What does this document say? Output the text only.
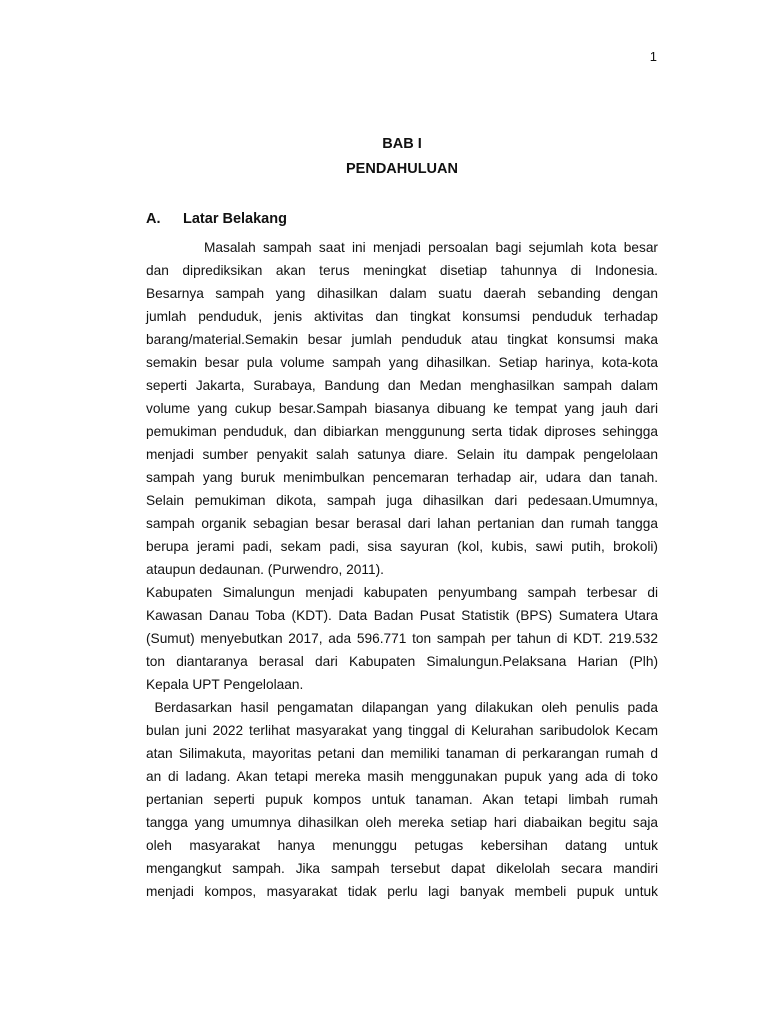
1
BAB I
PENDAHULUAN
A.	Latar Belakang
Masalah sampah saat ini menjadi persoalan bagi sejumlah kota besar
dan diprediksikan akan terus meningkat disetiap tahunnya di Indonesia.
Besarnya sampah yang dihasilkan dalam suatu daerah sebanding dengan
jumlah penduduk, jenis aktivitas dan tingkat konsumsi penduduk terhadap
barang/material.Semakin besar jumlah penduduk atau tingkat konsumsi maka
semakin besar pula volume sampah yang dihasilkan. Setiap harinya, kota-kota
seperti Jakarta, Surabaya, Bandung dan Medan menghasilkan sampah dalam
volume yang cukup besar.Sampah biasanya dibuang ke tempat yang jauh dari
pemukiman penduduk, dan dibiarkan menggunung serta tidak diproses sehingga
menjadi sumber penyakit salah satunya diare. Selain itu dampak pengelolaan
sampah yang buruk menimbulkan pencemaran terhadap air, udara dan tanah.
Selain pemukiman dikota, sampah juga dihasilkan dari pedesaan.Umumnya,
sampah organik sebagian besar berasal dari lahan pertanian dan rumah tangga
berupa jerami padi, sekam padi, sisa sayuran (kol, kubis, sawi putih, brokoli)
ataupun dedaunan. (Purwendro, 2011).
Kabupaten Simalungun menjadi kabupaten penyumbang sampah terbesar di
Kawasan Danau Toba (KDT). Data Badan Pusat Statistik (BPS) Sumatera Utara
(Sumut) menyebutkan 2017, ada 596.771 ton sampah per tahun di KDT. 219.532
ton diantaranya berasal dari Kabupaten Simalungun.Pelaksana Harian (Plh)
Kepala UPT Pengelolaan.
Berdasarkan hasil pengamatan dilapangan yang dilakukan oleh penulis pada
bulan juni 2022 terlihat masyarakat yang tinggal di Kelurahan saribudolok Kecam
atan Silimakuta, mayoritas petani dan memiliki tanaman di perkarangan rumah d
an di ladang. Akan tetapi mereka masih menggunakan pupuk yang ada di toko
pertanian seperti pupuk kompos untuk tanaman. Akan tetapi limbah rumah
tangga yang umumnya dihasilkan oleh mereka setiap hari diabaikan begitu saja
oleh masyarakat hanya menunggu petugas kebersihan datang untuk
mengangkut sampah. Jika sampah tersebut dapat dikelolah secara mandiri
menjadi kompos, masyarakat tidak perlu lagi banyak membeli pupuk untuk
